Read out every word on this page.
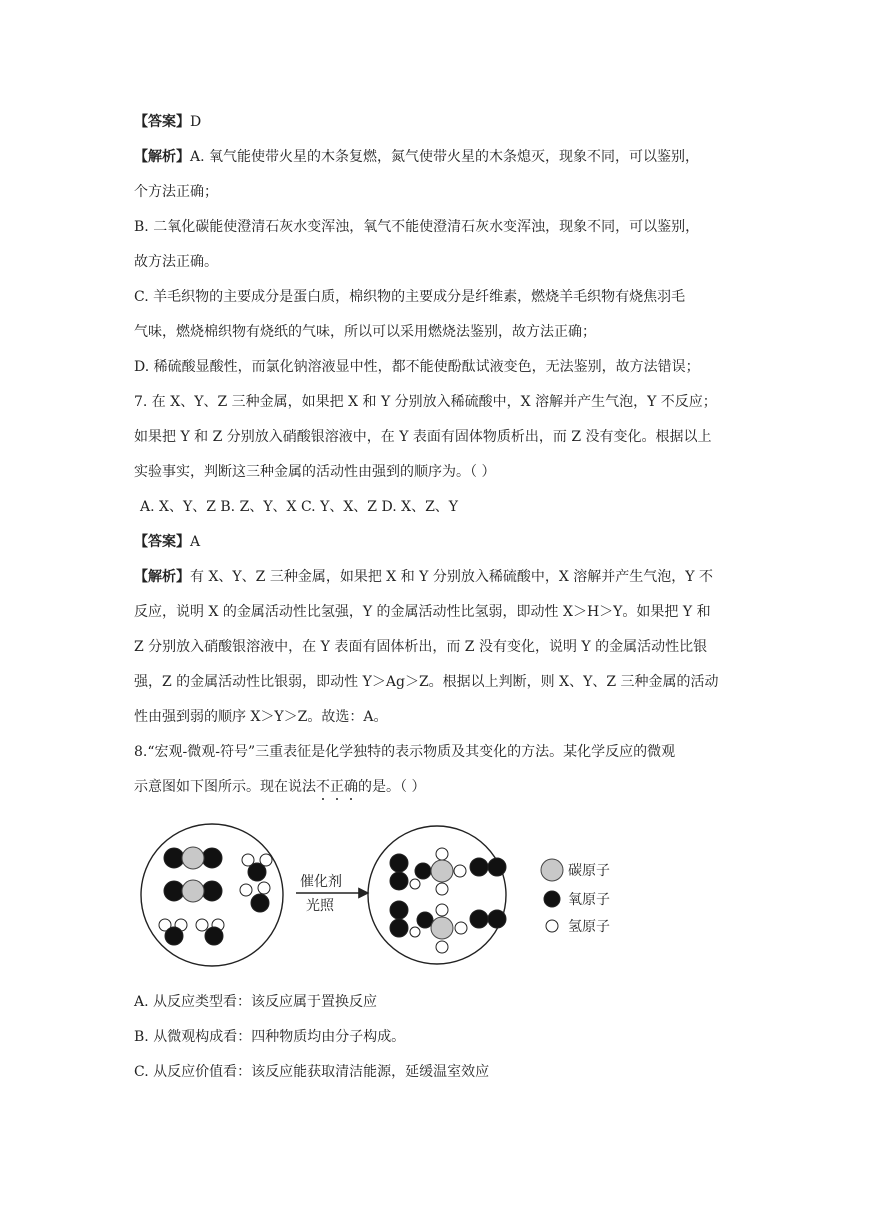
【答案】D
【解析】A. 氧气能使带火星的木条复燃，氮气使带火星的木条熄灭，现象不同，可以鉴别，
个方法正确；
B. 二氧化碳能使澄清石灰水变浑浊，氧气不能使澄清石灰水变浑浊，现象不同，可以鉴别，
故方法正确。
C. 羊毛织物的主要成分是蛋白质，棉织物的主要成分是纤维素，燃烧羊毛织物有烧焦羽毛
气味，燃烧棉织物有烧纸的气味，所以可以采用燃烧法鉴别，故方法正确；
D. 稀硫酸显酸性，而氯化钠溶液显中性，都不能使酚酞试液变色，无法鉴别，故方法错误；
7. 在 X、Y、Z 三种金属，如果把 X 和 Y 分别放入稀硫酸中，X 溶解并产生气泡，Y 不反应；
如果把 Y 和 Z 分别放入硝酸银溶液中，在 Y 表面有固体物质析出，而 Z 没有变化。根据以上
实验事实，判断这三种金属的活动性由强到的顺序为。（ ）
A. X、Y、Z B. Z、Y、X C. Y、X、Z D. X、Z、Y
【答案】A
【解析】有 X、Y、Z 三种金属，如果把 X 和 Y 分别放入稀硫酸中，X 溶解并产生气泡，Y 不
反应，说明 X 的金属活动性比氢强，Y 的金属活动性比氢弱，即动性 X＞H＞Y。如果把 Y 和
Z 分别放入硝酸银溶液中，在 Y 表面有固体析出，而 Z 没有变化，说明 Y 的金属活动性比银
强，Z 的金属活动性比银弱，即动性 Y＞Ag＞Z。根据以上判断，则 X、Y、Z 三种金属的活动
性由强到弱的顺序 X＞Y＞Z。故选：A。
8.“宏观-微观-符号”三重表征是化学独特的表示物质及其变化的方法。某化学反应的微观
示意图如下图所示。现在说法不正确的是。（ ）
催化剂
光照
碳原子
氧原子
氢原子
A. 从反应类型看：该反应属于置换反应
B. 从微观构成看：四种物质均由分子构成。
C. 从反应价值看：该反应能获取清洁能源，延缓温室效应
